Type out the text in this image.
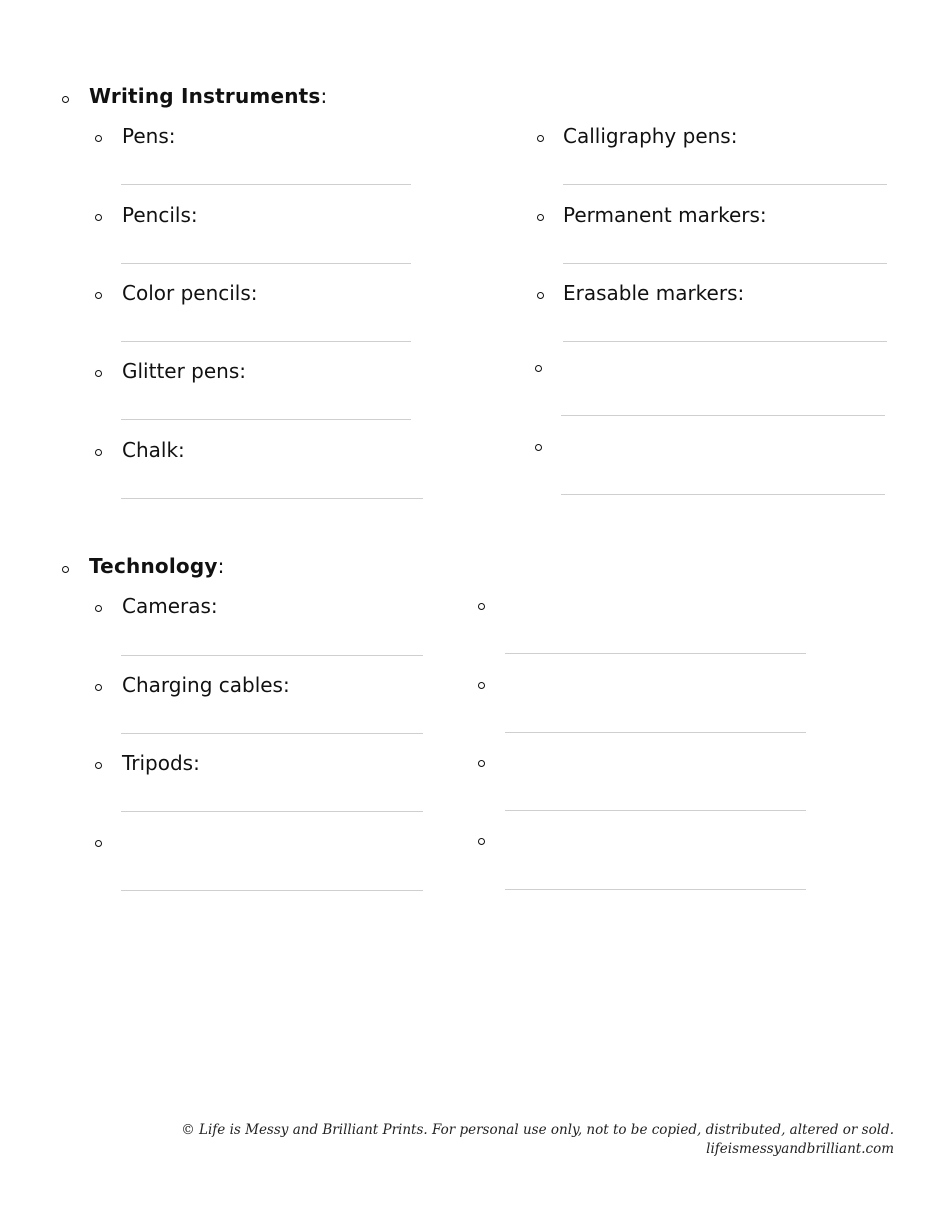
Writing Instruments:
Pens:
Pencils:
Color pencils:
Glitter pens:
Chalk:
Calligraphy pens:
Permanent markers:
Erasable markers:
Technology:
Cameras:
Charging cables:
Tripods:
© Life is Messy and Brilliant Prints. For personal use only, not to be copied, distributed, altered or sold.
lifeismessyandbrilliant.com
